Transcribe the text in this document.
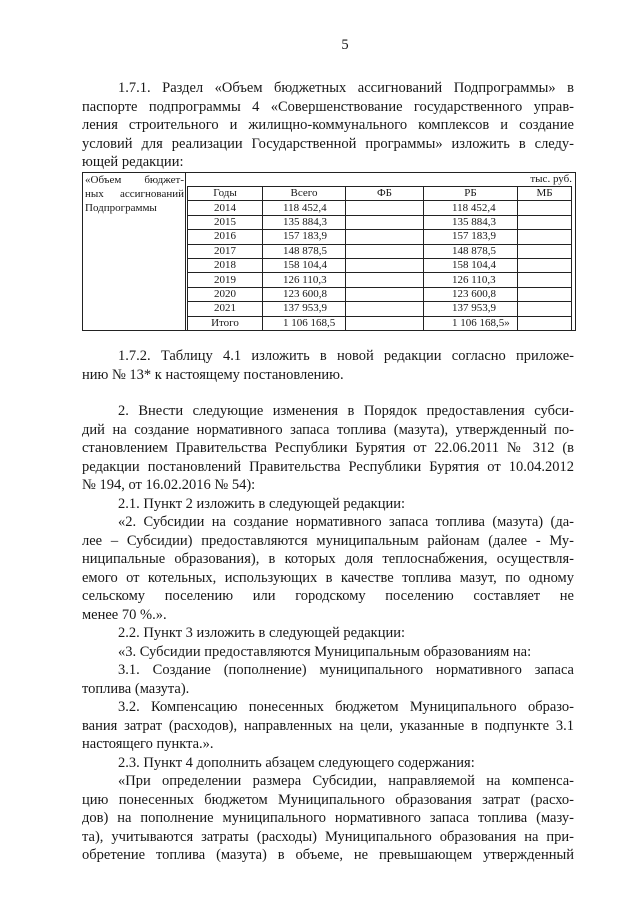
5
1.7.1. Раздел «Объем бюджетных ассигнований Подпрограммы» в
паспорте подпрограммы 4 «Совершенствование государственного управ-
ления строительного и жилищно-коммунального комплексов и создание
условий для реализации Государственной программы» изложить в следу-
ющей редакции:
«Объем бюджет-
ных ассигнований
Подпрограммы
тыс. руб.
Годы	Всего	ФБ	РБ	МБ
2014	118 452,4		118 452,4	
2015	135 884,3		135 884,3	
2016	157 183,9		157 183,9	
2017	148 878,5		148 878,5	
2018	158 104,4		158 104,4	
2019	126 110,3		126 110,3	
2020	123 600,8		123 600,8	
2021	137 953,9		137 953,9	
Итого	1 106 168,5		1 106 168,5»	
1.7.2. Таблицу 4.1 изложить в новой редакции согласно приложе-
нию № 13* к настоящему постановлению.
2. Внести следующие изменения в Порядок предоставления субси-
дий на создание нормативного запаса топлива (мазута), утвержденный по-
становлением Правительства Республики Бурятия от 22.06.2011 № 312 (в
редакции постановлений Правительства Республики Бурятия от 10.04.2012
№ 194, от 16.02.2016 № 54):
2.1. Пункт 2 изложить в следующей редакции:
«2. Субсидии на создание нормативного запаса топлива (мазута) (да-
лее – Субсидии) предоставляются муниципальным районам (далее - Му-
ниципальные образования), в которых доля теплоснабжения, осуществля-
емого от котельных, использующих в качестве топлива мазут, по одному
сельскому поселению или городскому поселению составляет не
менее 70 %.».
2.2. Пункт 3 изложить в следующей редакции:
«3. Субсидии предоставляются Муниципальным образованиям на:
3.1. Создание (пополнение) муниципального нормативного запаса
топлива (мазута).
3.2. Компенсацию понесенных бюджетом Муниципального образо-
вания затрат (расходов), направленных на цели, указанные в подпункте 3.1
настоящего пункта.».
2.3. Пункт 4 дополнить абзацем следующего содержания:
«При определении размера Субсидии, направляемой на компенса-
цию понесенных бюджетом Муниципального образования затрат (расхо-
дов) на пополнение муниципального нормативного запаса топлива (мазу-
та), учитываются затраты (расходы) Муниципального образования на при-
обретение топлива (мазута) в объеме, не превышающем утвержденный
